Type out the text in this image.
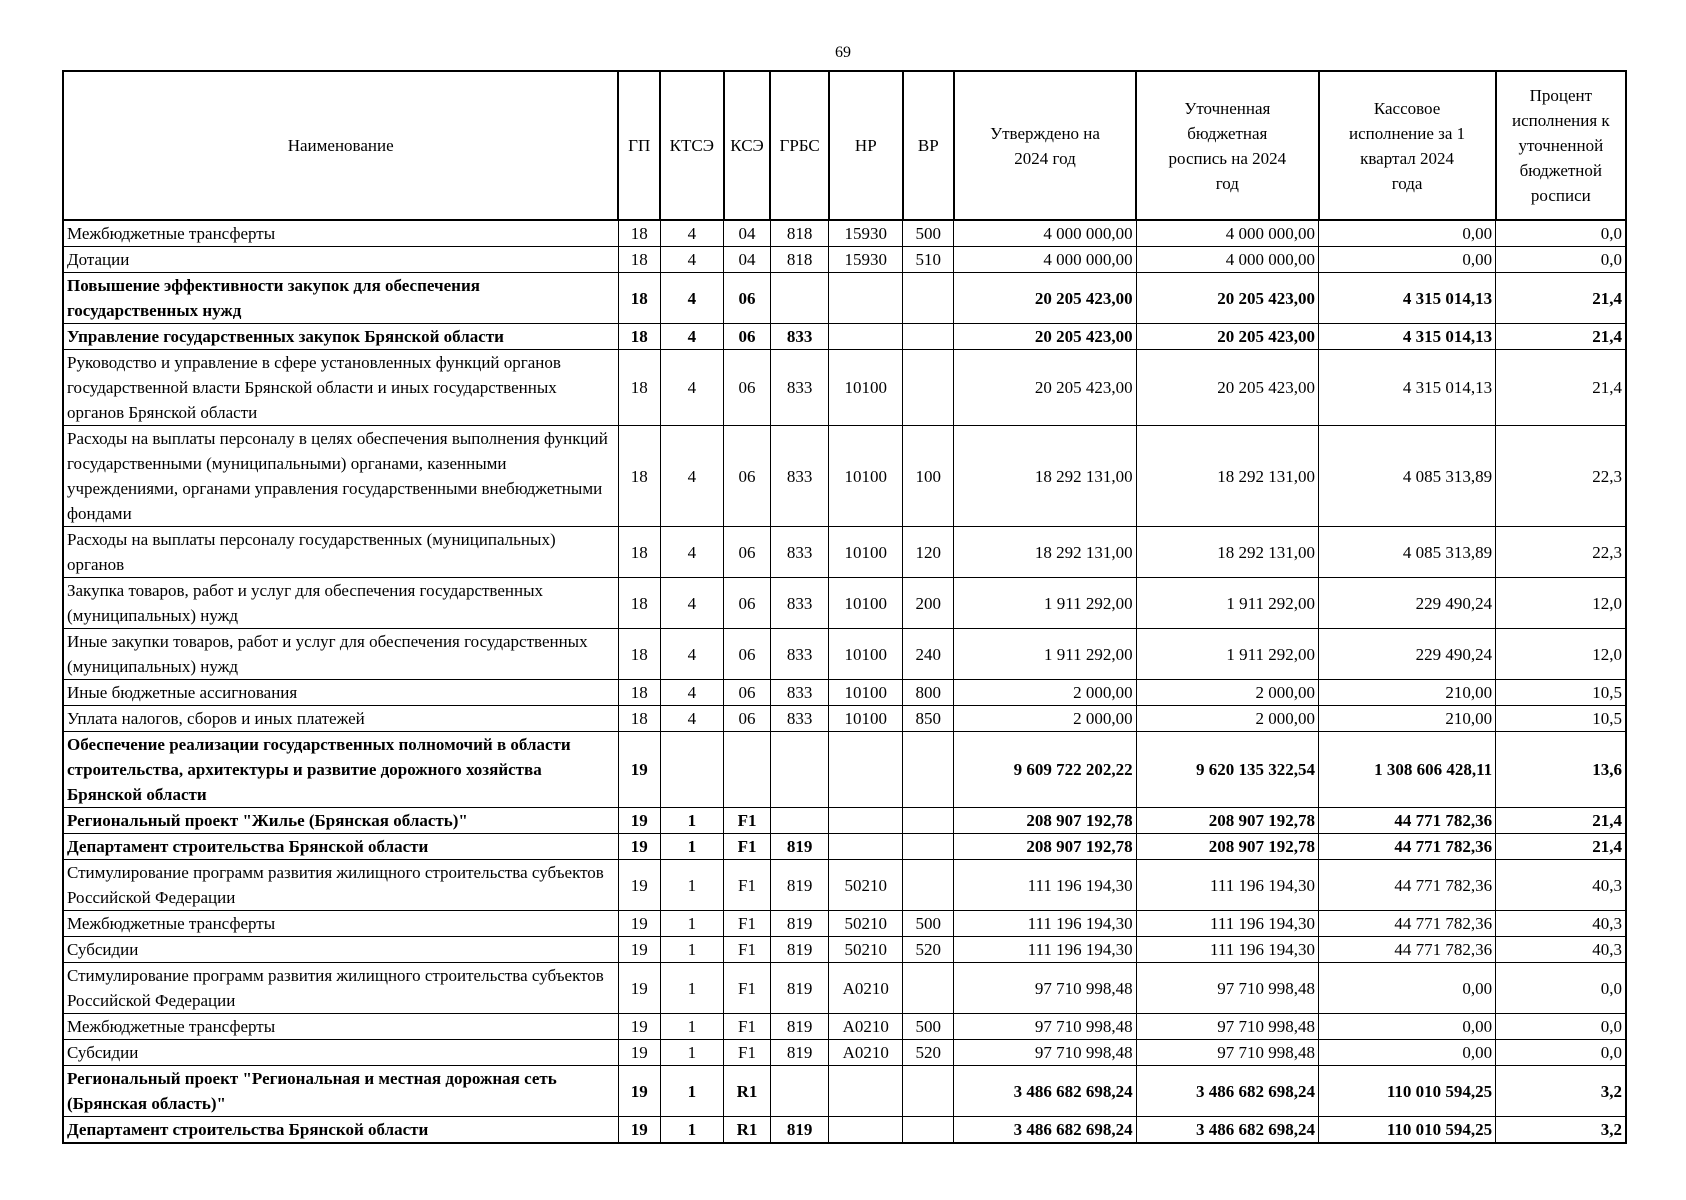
69
Наименование	ГП	КТСЭ	КСЭ	ГРБС	НР	ВР	Утверждено на 2024 год	Уточненная бюджетная роспись на 2024 год	Кассовое исполнение за 1 квартал 2024 года	Процент исполнения к уточненной бюджетной росписи
Межбюджетные трансферты	18	4	04	818	15930	500	4 000 000,00	4 000 000,00	0,00	0,0
Дотации	18	4	04	818	15930	510	4 000 000,00	4 000 000,00	0,00	0,0
Повышение эффективности закупок для обеспечения государственных нужд	18	4	06				20 205 423,00	20 205 423,00	4 315 014,13	21,4
Управление государственных закупок Брянской области	18	4	06	833			20 205 423,00	20 205 423,00	4 315 014,13	21,4
Руководство и управление в сфере установленных функций органов государственной власти Брянской области и иных государственных органов Брянской области	18	4	06	833	10100		20 205 423,00	20 205 423,00	4 315 014,13	21,4
Расходы на выплаты персоналу в целях обеспечения выполнения функций государственными (муниципальными) органами, казенными учреждениями, органами управления государственными внебюджетными фондами	18	4	06	833	10100	100	18 292 131,00	18 292 131,00	4 085 313,89	22,3
Расходы на выплаты персоналу государственных (муниципальных) органов	18	4	06	833	10100	120	18 292 131,00	18 292 131,00	4 085 313,89	22,3
Закупка товаров, работ и услуг для обеспечения государственных (муниципальных) нужд	18	4	06	833	10100	200	1 911 292,00	1 911 292,00	229 490,24	12,0
Иные закупки товаров, работ и услуг для обеспечения государственных (муниципальных) нужд	18	4	06	833	10100	240	1 911 292,00	1 911 292,00	229 490,24	12,0
Иные бюджетные ассигнования	18	4	06	833	10100	800	2 000,00	2 000,00	210,00	10,5
Уплата налогов, сборов и иных платежей	18	4	06	833	10100	850	2 000,00	2 000,00	210,00	10,5
Обеспечение реализации государственных полномочий в области строительства, архитектуры и развитие дорожного хозяйства Брянской области	19						9 609 722 202,22	9 620 135 322,54	1 308 606 428,11	13,6
Региональный проект "Жилье (Брянская область)"	19	1	F1				208 907 192,78	208 907 192,78	44 771 782,36	21,4
Департамент строительства Брянской области	19	1	F1	819			208 907 192,78	208 907 192,78	44 771 782,36	21,4
Стимулирование программ развития жилищного строительства субъектов Российской Федерации	19	1	F1	819	50210		111 196 194,30	111 196 194,30	44 771 782,36	40,3
Межбюджетные трансферты	19	1	F1	819	50210	500	111 196 194,30	111 196 194,30	44 771 782,36	40,3
Субсидии	19	1	F1	819	50210	520	111 196 194,30	111 196 194,30	44 771 782,36	40,3
Стимулирование программ развития жилищного строительства субъектов Российской Федерации	19	1	F1	819	A0210		97 710 998,48	97 710 998,48	0,00	0,0
Межбюджетные трансферты	19	1	F1	819	A0210	500	97 710 998,48	97 710 998,48	0,00	0,0
Субсидии	19	1	F1	819	A0210	520	97 710 998,48	97 710 998,48	0,00	0,0
Региональный проект "Региональная и местная дорожная сеть (Брянская область)"	19	1	R1				3 486 682 698,24	3 486 682 698,24	110 010 594,25	3,2
Департамент строительства Брянской области	19	1	R1	819			3 486 682 698,24	3 486 682 698,24	110 010 594,25	3,2
